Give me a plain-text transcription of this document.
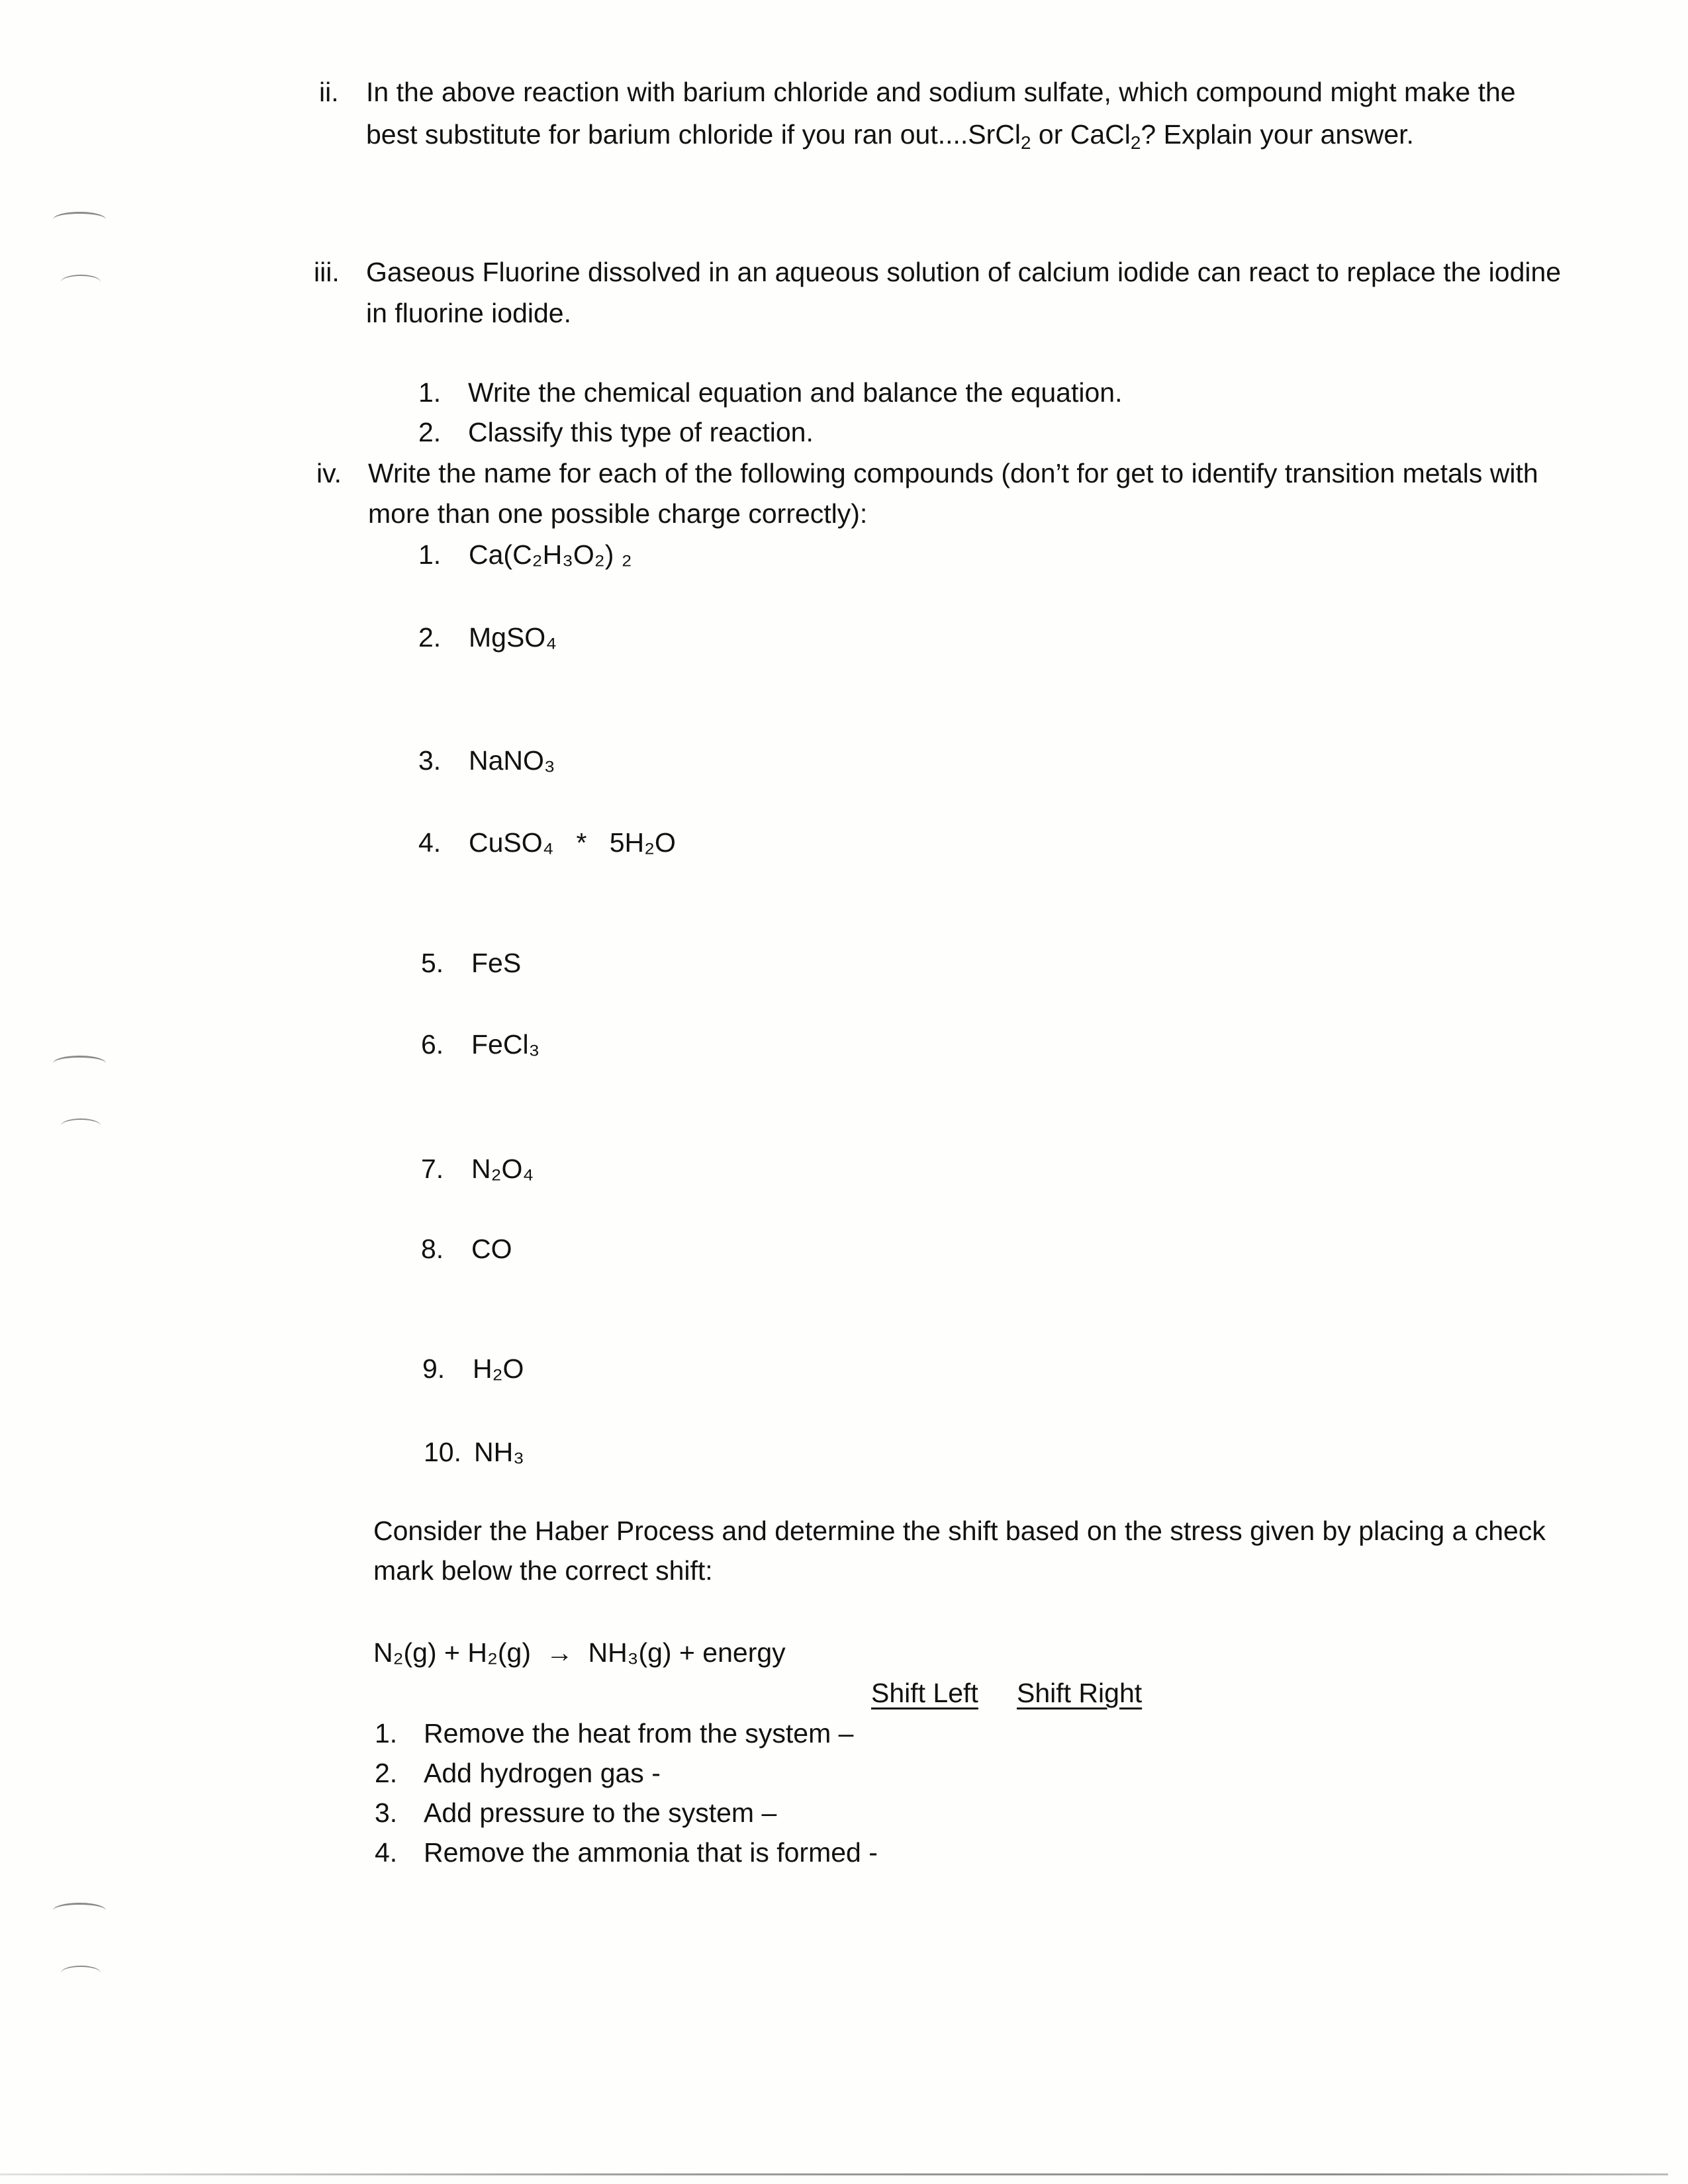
ii. In the above reaction with barium chloride and sodium sulfate, which compound might make the
best substitute for barium chloride if you ran out....SrCl$_2$ or CaCl$_2$? Explain your answer.
iii. Gaseous Fluorine dissolved in an aqueous solution of calcium iodide can react to replace the iodine
in fluorine iodide.
1. Write the chemical equation and balance the equation.
2. Classify this type of reaction.
iv. Write the name for each of the following compounds (don’t for get to identify transition metals with
more than one possible charge correctly):
1. Ca(C₂H₃O₂) ₂
2. MgSO₄
3. NaNO₃
4. CuSO₄   *   5H₂O
5. FeS
6. FeCl₃
7. N₂O₄
8. CO
9. H₂O
10. NH₃
Consider the Haber Process and determine the shift based on the stress given by placing a check
mark below the correct shift:
N₂(g) + H₂(g)  →  NH₃(g) + energy
Shift Left Shift Right
1. Remove the heat from the system –
2. Add hydrogen gas -
3. Add pressure to the system –
4. Remove the ammonia that is formed -
